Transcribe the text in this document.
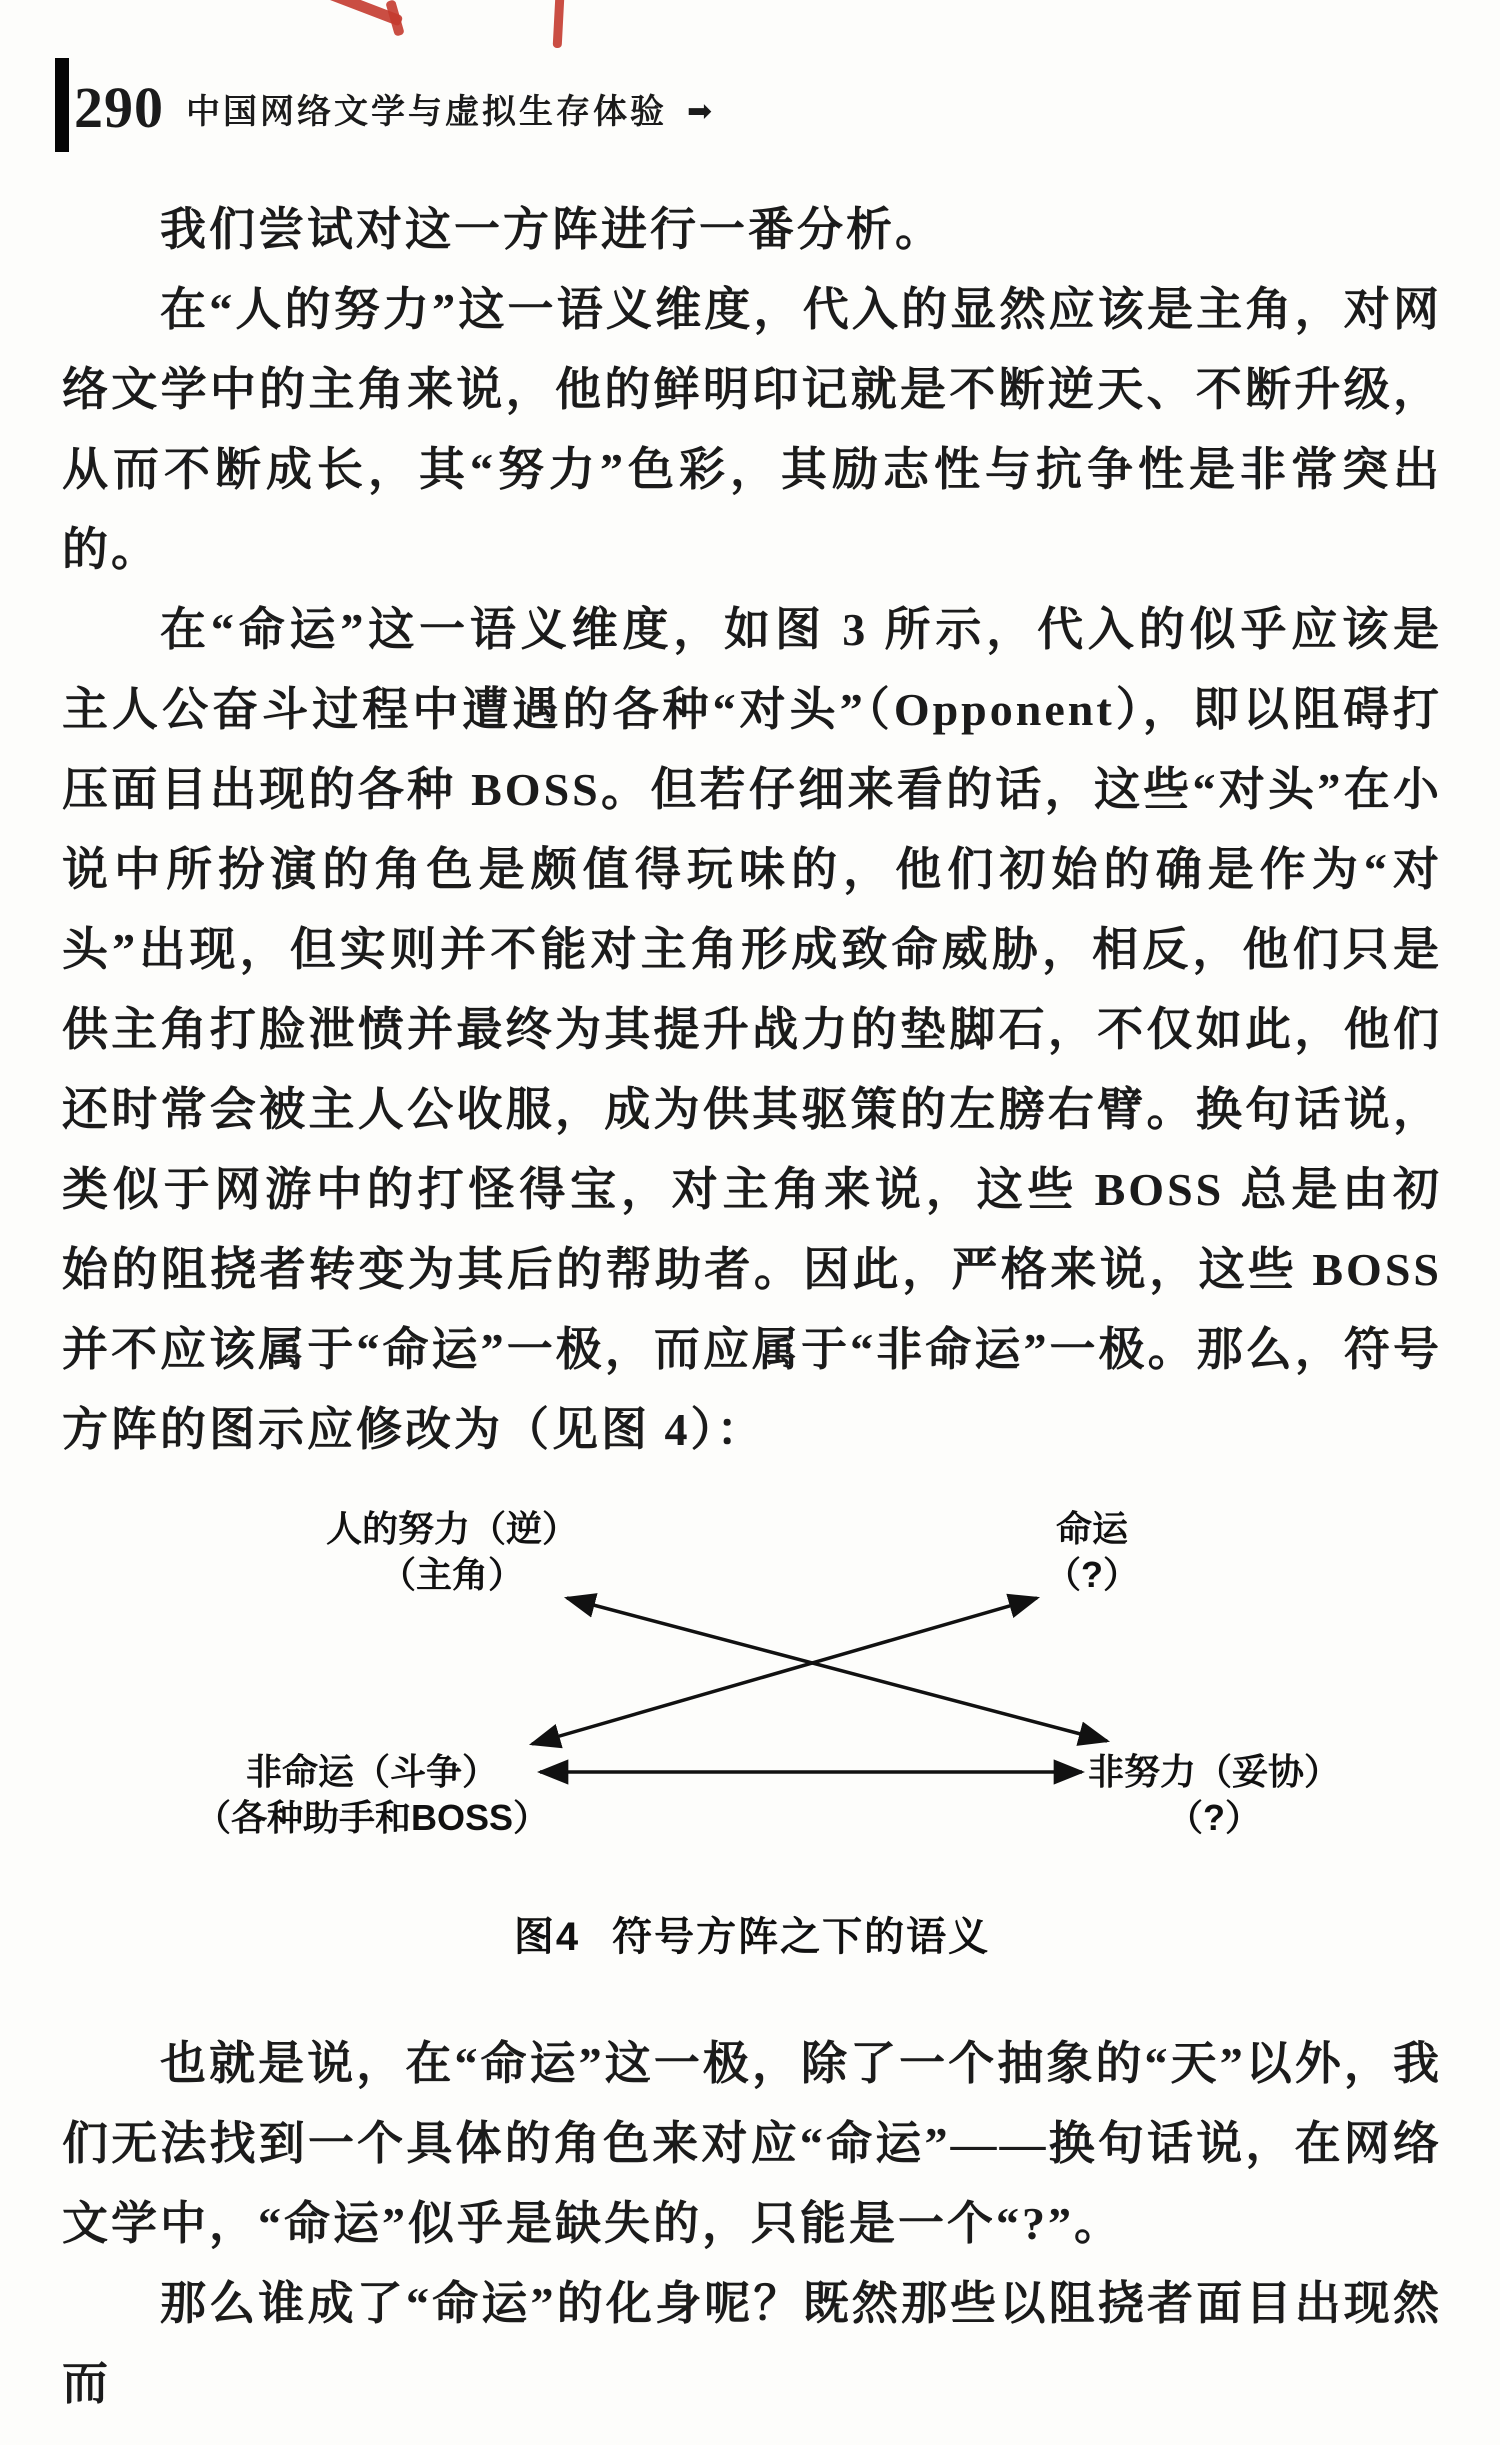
290 中国网络文学与虚拟生存体验 ➡

我们尝试对这一方阵进行一番分析。

在“人的努力”这一语义维度，代入的显然应该是主角，对网络文学中的主角来说，他的鲜明印记就是不断逆天、不断升级，从而不断成长，其“努力”色彩，其励志性与抗争性是非常突出的。

在“命运”这一语义维度，如图 3 所示，代入的似乎应该是主人公奋斗过程中遭遇的各种“对头”（Opponent），即以阻碍打压面目出现的各种 BOSS。但若仔细来看的话，这些“对头”在小说中所扮演的角色是颇值得玩味的，他们初始的确是作为“对头”出现，但实则并不能对主角形成致命威胁，相反，他们只是供主角打脸泄愤并最终为其提升战力的垫脚石，不仅如此，他们还时常会被主人公收服，成为供其驱策的左膀右臂。换句话说，类似于网游中的打怪得宝，对主角来说，这些 BOSS 总是由初始的阻挠者转变为其后的帮助者。因此，严格来说，这些 BOSS 并不应该属于“命运”一极，而应属于“非命运”一极。那么，符号方阵的图示应修改为（见图 4）：

人的努力（逆）
（主角）
命运
（?）
非命运（斗争）
（各种助手和BOSS）
非努力（妥协）
（?）
图4 符号方阵之下的语义

也就是说，在“命运”这一极，除了一个抽象的“天”以外，我们无法找到一个具体的角色来对应“命运”——换句话说，在网络文学中，“命运”似乎是缺失的，只能是一个“?”。

那么谁成了“命运”的化身呢？既然那些以阻挠者面目出现然而
